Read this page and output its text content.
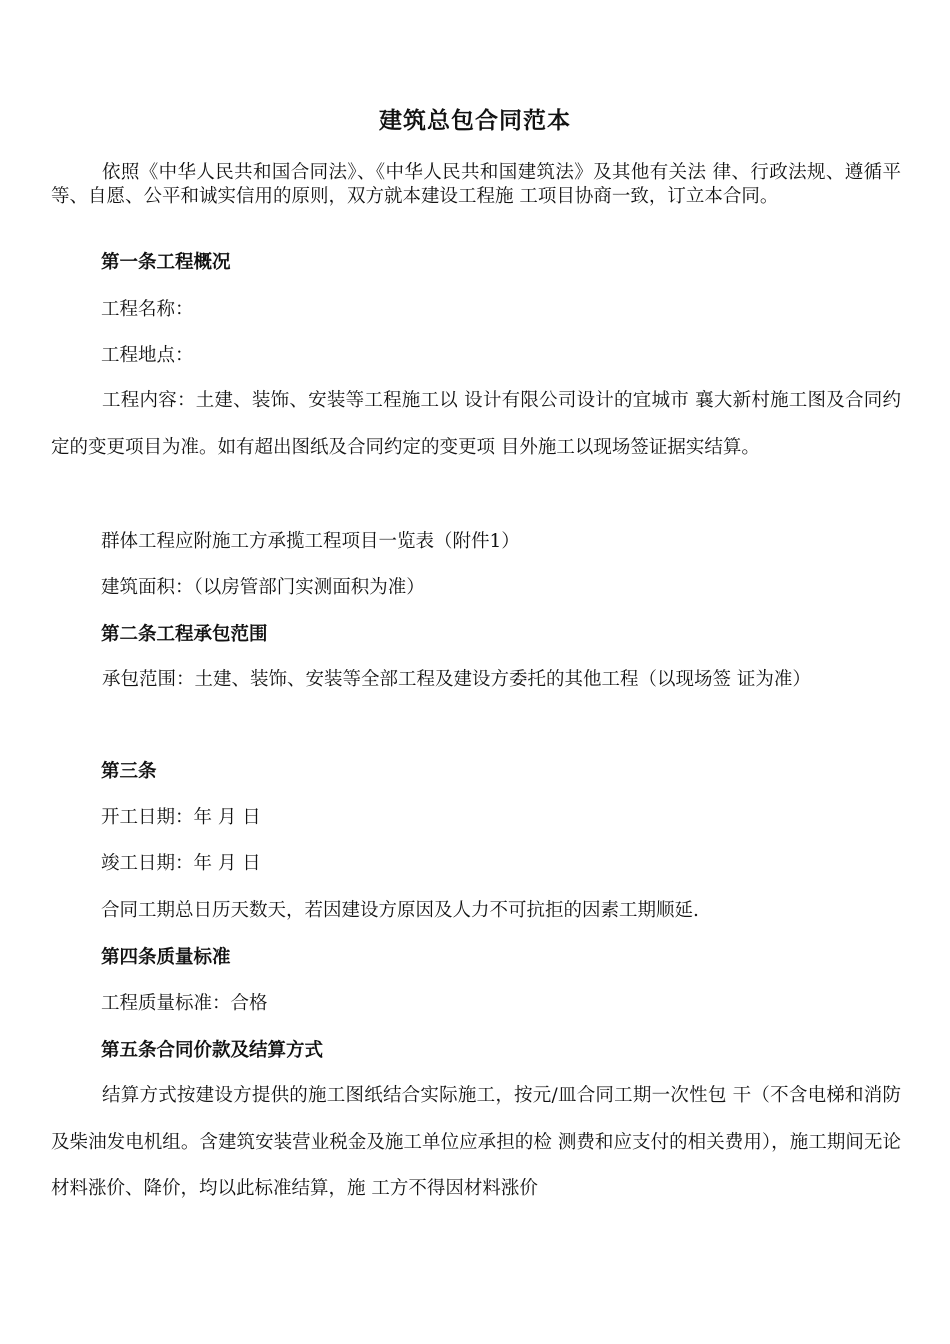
建筑总包合同范本
依照《中华人民共和国合同法》、《中华人民共和国建筑法》及其他有关法 律、行政法规、遵循平等、自愿、公平和诚实信用的原则，双方就本建设工程施 工项目协商一致，订立本合同。
第一条工程概况
工程名称：
工程地点：
工程内容：土建、装饰、安装等工程施工以 设计有限公司设计的宜城市 襄大新村施工图及合同约定的变更项目为准。如有超出图纸及合同约定的变更项 目外施工以现场签证据实结算。
群体工程应附施工方承揽工程项目一览表（附件1）
建筑面积：（以房管部门实测面积为准）
第二条工程承包范围
承包范围：土建、装饰、安装等全部工程及建设方委托的其他工程（以现场签 证为准）
第三条
开工日期：年 月 日
竣工日期：年 月 日
合同工期总日历天数天，若因建设方原因及人力不可抗拒的因素工期顺延.
第四条质量标准
工程质量标准：合格
第五条合同价款及结算方式
结算方式按建设方提供的施工图纸结合实际施工，按元/皿合同工期一次性包 干（不含电梯和消防及柴油发电机组。含建筑安装营业税金及施工单位应承担的检 测费和应支付的相关费用），施工期间无论材料涨价、降价，均以此标准结算，施 工方不得因材料涨价
